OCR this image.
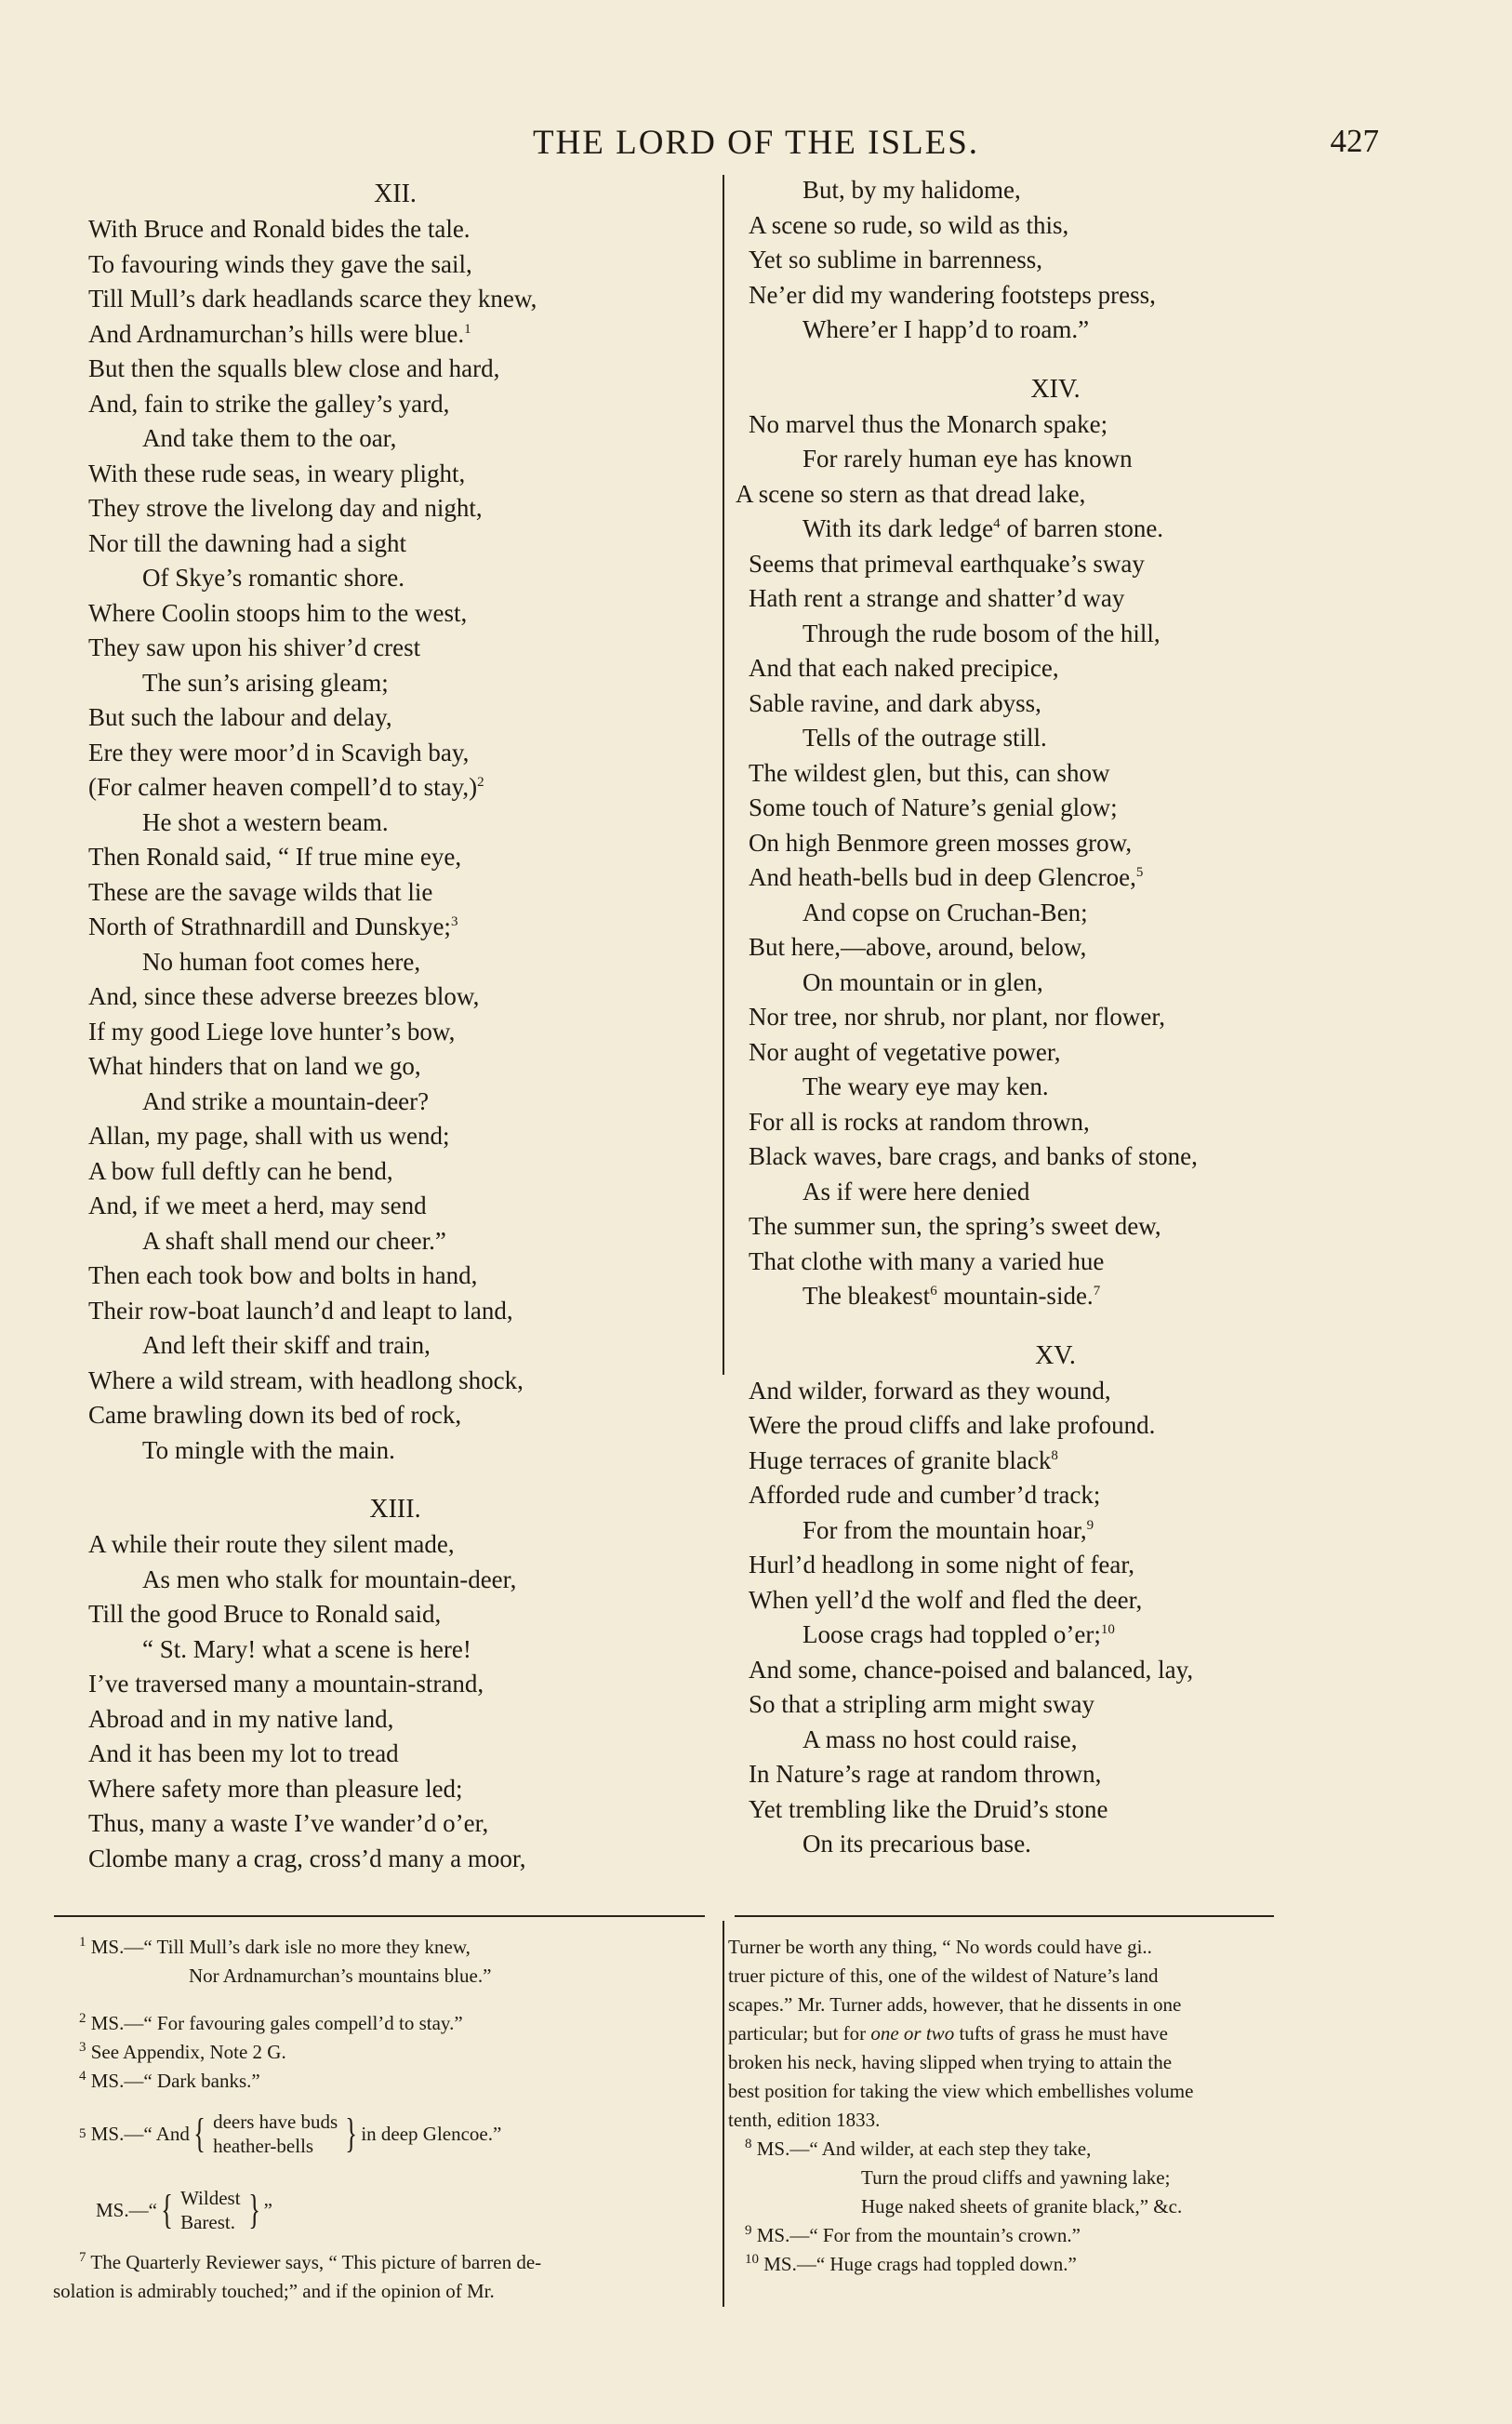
THE LORD OF THE ISLES.	427
XII.
With Bruce and Ronald bides the tale.
To favouring winds they gave the sail,
Till Mull’s dark headlands scarce they knew,
And Ardnamurchan’s hills were blue.$^1$
But then the squalls blew close and hard,
And, fain to strike the galley’s yard,
And take them to the oar,
With these rude seas, in weary plight,
They strove the livelong day and night,
Nor till the dawning had a sight
Of Skye’s romantic shore.
Where Coolin stoops him to the west,
They saw upon his shiver’d crest
The sun’s arising gleam;
But such the labour and delay,
Ere they were moor’d in Scavigh bay,
(For calmer heaven compell’d to stay,)$^2$
He shot a western beam.
Then Ronald said, “ If true mine eye,
These are the savage wilds that lie
North of Strathnardill and Dunskye;$^3$
No human foot comes here,
And, since these adverse breezes blow,
If my good Liege love hunter’s bow,
What hinders that on land we go,
And strike a mountain-deer?
Allan, my page, shall with us wend;
A bow full deftly can he bend,
And, if we meet a herd, may send
A shaft shall mend our cheer.”
Then each took bow and bolts in hand,
Their row-boat launch’d and leapt to land,
And left their skiff and train,
Where a wild stream, with headlong shock,
Came brawling down its bed of rock,
To mingle with the main.
XIII.
A while their route they silent made,
As men who stalk for mountain-deer,
Till the good Bruce to Ronald said,
“ St. Mary! what a scene is here!
I’ve traversed many a mountain-strand,
Abroad and in my native land,
And it has been my lot to tread
Where safety more than pleasure led;
Thus, many a waste I’ve wander’d o’er,
Clombe many a crag, cross’d many a moor,
But, by my halidome,
A scene so rude, so wild as this,
Yet so sublime in barrenness,
Ne’er did my wandering footsteps press,
Where’er I happ’d to roam.”
XIV.
No marvel thus the Monarch spake;
For rarely human eye has known
A scene so stern as that dread lake,
With its dark ledge$^4$ of barren stone.
Seems that primeval earthquake’s sway
Hath rent a strange and shatter’d way
Through the rude bosom of the hill,
And that each naked precipice,
Sable ravine, and dark abyss,
Tells of the outrage still.
The wildest glen, but this, can show
Some touch of Nature’s genial glow;
On high Benmore green mosses grow,
And heath-bells bud in deep Glencroe,$^5$
And copse on Cruchan-Ben;
But here,—above, around, below,
On mountain or in glen,
Nor tree, nor shrub, nor plant, nor flower,
Nor aught of vegetative power,
The weary eye may ken.
For all is rocks at random thrown,
Black waves, bare crags, and banks of stone,
As if were here denied
The summer sun, the spring’s sweet dew,
That clothe with many a varied hue
The bleakest$^6$ mountain-side.$^7$
XV.
And wilder, forward as they wound,
Were the proud cliffs and lake profound.
Huge terraces of granite black$^8$
Afforded rude and cumber’d track;
For from the mountain hoar,$^9$
Hurl’d headlong in some night of fear,
When yell’d the wolf and fled the deer,
Loose crags had toppled o’er;$^{10}$
And some, chance-poised and balanced, lay,
So that a stripling arm might sway
A mass no host could raise,
In Nature’s rage at random thrown,
Yet trembling like the Druid’s stone
On its precarious base.
$^1$ MS.—“ Till Mull’s dark isle no more they knew,
Nor Ardnamurchan’s mountains blue.”
$^2$ MS.—“ For favouring gales compell’d to stay.”
$^3$ See Appendix, Note 2 G.
$^4$ MS.—“ Dark banks.”
5
MS.—“ And { deers have buds
heather-bells } in deep Glencoe.”
MS.—“ { Wildest
Barest. } ”
$^7$ The Quarterly Reviewer says, “ This picture of barren de-
solation is admirably touched;” and if the opinion of Mr.
Turner be worth any thing, “ No words could have gi..
truer picture of this, one of the wildest of Nature’s land
scapes.” Mr. Turner adds, however, that he dissents in one
particular; but for one or two tufts of grass he must have
broken his neck, having slipped when trying to attain the
best position for taking the view which embellishes volume
tenth, edition 1833.
$^8$ MS.—“ And wilder, at each step they take,
Turn the proud cliffs and yawning lake;
Huge naked sheets of granite black,” &c.
$^9$ MS.—“ For from the mountain’s crown.”
$^{10}$ MS.—“ Huge crags had toppled down.”
